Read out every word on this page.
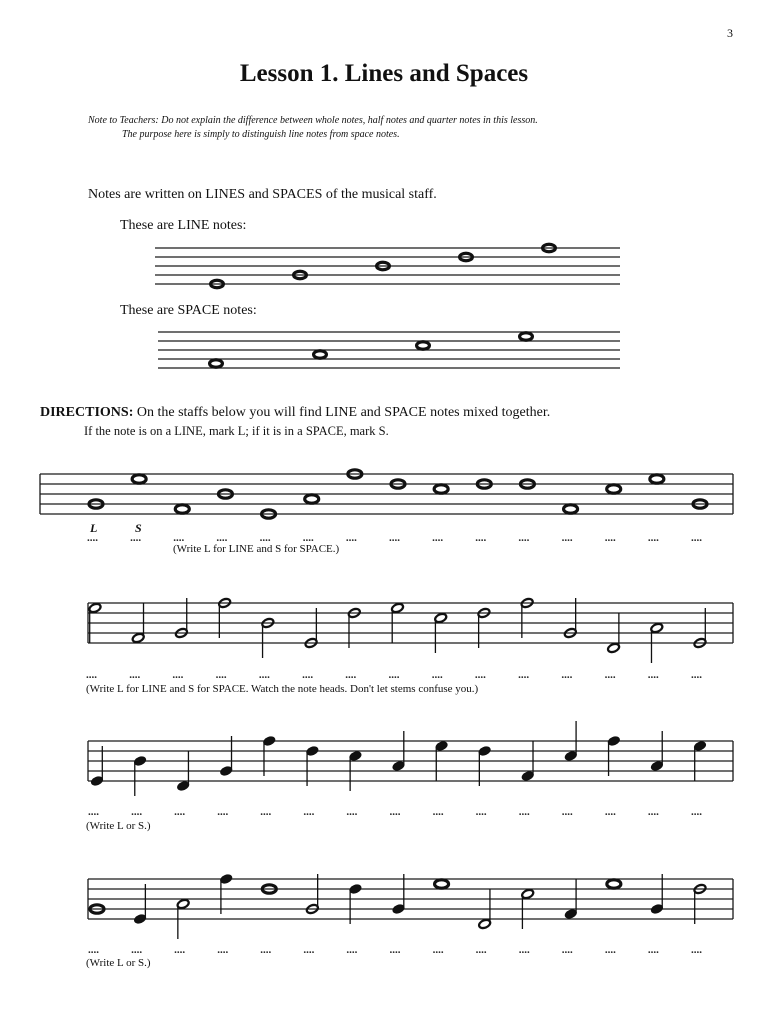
3
Lesson 1. Lines and Spaces
Note to Teachers: Do not explain the difference between whole notes, half notes and quarter notes in this lesson.
The purpose here is simply to distinguish line notes from space notes.
Notes are written on LINES and SPACES of the musical staff.
These are LINE notes:
These are SPACE notes:
DIRECTIONS: On the staffs below you will find LINE and SPACE notes mixed together.
If the note is on a LINE, mark L; if it is in a SPACE, mark S.
(Write L for LINE and S for SPACE.)
(Write L for LINE and S for SPACE. Watch the note heads. Don't let stems confuse you.)
(Write L or S.)
(Write L or S.)
L	S
....	....	....	....	....	....	....	....	....	....	....	....	....	....	....
....	....	....	....	....	....	....	....	....	....	....	....	....	....	....
....	....	....	....	....	....	....	....	....	....	....	....	....	....	....
....	....	....	....	....	....	....	....	....	....	....	....	....	....	....
